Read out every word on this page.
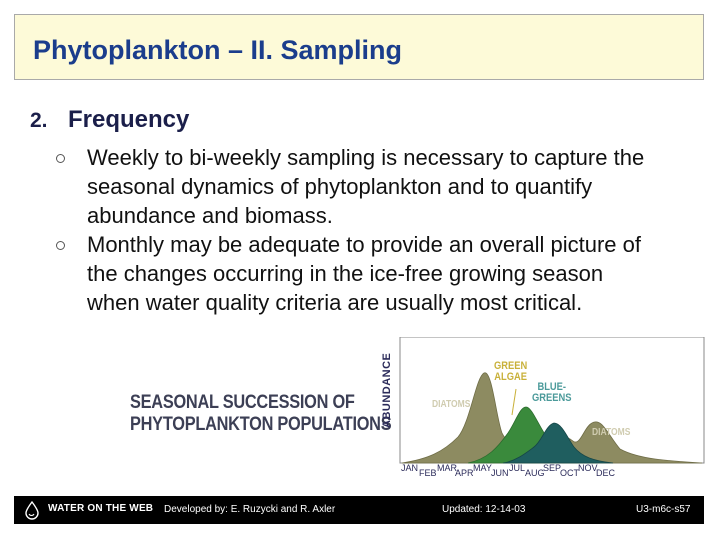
Phytoplankton – II. Sampling
2. Frequency
Weekly to bi-weekly sampling is necessary to capture the seasonal dynamics of phytoplankton and to quantify abundance and biomass.
Monthly may be adequate to provide an overall picture of the changes occurring in the ice-free growing season when water quality criteria are usually most critical.
SEASONAL SUCCESSION OF
PHYTOPLANKTON POPULATIONS
ABUNDANCE	DIATOMS
GREEN
ALGAE
BLUE-
GREENS
DIATOMS
JAN FEB MAR
APR MAY JUN JUL AUG
SEP
OCT NOV
DEC
WATER ON THE WEB Developed by: E. Ruzycki and R. Axler	Updated: 12-14-03	U3-m6c-s57
